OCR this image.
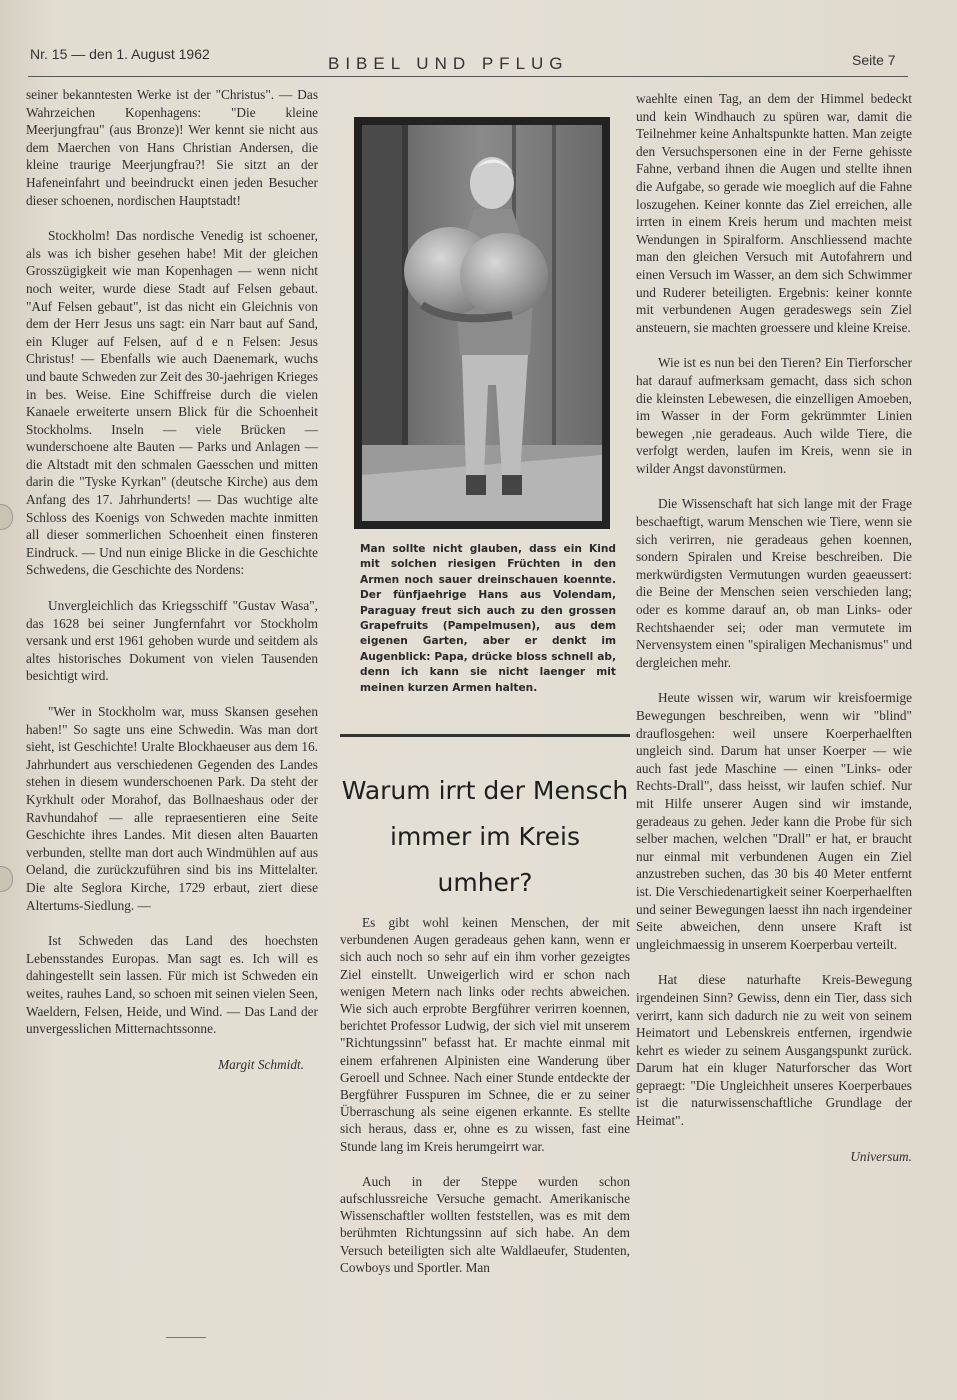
Nr. 15 — den 1. August 1962	BIBEL UND PFLUG	Seite 7

seiner bekanntesten Werke ist der "Christus". — Das Wahrzeichen Kopenhagens: "Die kleine Meerjungfrau" (aus Bronze)! Wer kennt sie nicht aus dem Maerchen von Hans Christian Andersen, die kleine traurige Meerjungfrau?! Sie sitzt an der Hafeneinfahrt und beeindruckt einen jeden Besucher dieser schoenen, nordischen Hauptstadt!

Stockholm! Das nordische Venedig ist schoener, als was ich bisher gesehen habe! Mit der gleichen Grosszügigkeit wie man Kopenhagen — wenn nicht noch weiter, wurde diese Stadt auf Felsen gebaut. "Auf Felsen gebaut", ist das nicht ein Gleichnis von dem der Herr Jesus uns sagt: ein Narr baut auf Sand, ein Kluger auf Felsen, auf d e n Felsen: Jesus Christus! — Ebenfalls wie auch Daenemark, wuchs und baute Schweden zur Zeit des 30-jaehrigen Krieges in bes. Weise. Eine Schiffreise durch die vielen Kanaele erweiterte unsern Blick für die Schoenheit Stockholms. Inseln — viele Brücken — wunderschoene alte Bauten — Parks und Anlagen — die Altstadt mit den schmalen Gaesschen und mitten darin die "Tyske Kyrkan" (deutsche Kirche) aus dem Anfang des 17. Jahrhunderts! — Das wuchtige alte Schloss des Koenigs von Schweden machte inmitten all dieser sommerlichen Schoenheit einen finsteren Eindruck. — Und nun einige Blicke in die Geschichte Schwedens, die Geschichte des Nordens:

Unvergleichlich das Kriegsschiff "Gustav Wasa", das 1628 bei seiner Jungfernfahrt vor Stockholm versank und erst 1961 gehoben wurde und seitdem als altes historisches Dokument von vielen Tausenden besichtigt wird.

"Wer in Stockholm war, muss Skansen gesehen haben!" So sagte uns eine Schwedin. Was man dort sieht, ist Geschichte! Uralte Blockhaeuser aus dem 16. Jahrhundert aus verschiedenen Gegenden des Landes stehen in diesem wunderschoenen Park. Da steht der Kyrkhult oder Morahof, das Bollnaeshaus oder der Ravhundahof — alle repraesentieren eine Seite Geschichte ihres Landes. Mit diesen alten Bauarten verbunden, stellte man dort auch Windmühlen auf aus Oeland, die zurückzuführen sind bis ins Mittelalter. Die alte Seglora Kirche, 1729 erbaut, ziert diese Altertums-Siedlung. —

Ist Schweden das Land des hoechsten Lebensstandes Europas. Man sagt es. Ich will es dahingestellt sein lassen. Für mich ist Schweden ein weites, rauhes Land, so schoen mit seinen vielen Seen, Waeldern, Felsen, Heide, und Wind. — Das Land der unvergesslichen Mitternachtssonne.

Margit Schmidt.
Man sollte nicht glauben, dass ein Kind mit solchen riesigen Früchten in den Armen noch sauer dreinschauen koennte. Der fünfjaehrige Hans aus Volendam, Paraguay freut sich auch zu den grossen Grapefruits (Pampelmusen), aus dem eigenen Garten, aber er denkt im Augenblick: Papa, drücke bloss schnell ab, denn ich kann sie nicht laenger mit meinen kurzen Armen halten.
Warum irrt der Mensch immer im Kreis umher?

Es gibt wohl keinen Menschen, der mit verbundenen Augen geradeaus gehen kann, wenn er sich auch noch so sehr auf ein ihm vorher gezeigtes Ziel einstellt. Unweigerlich wird er schon nach wenigen Metern nach links oder rechts abweichen. Wie sich auch erprobte Bergführer verirren koennen, berichtet Professor Ludwig, der sich viel mit unserem "Richtungssinn" befasst hat. Er machte einmal mit einem erfahrenen Alpinisten eine Wanderung über Geroell und Schnee. Nach einer Stunde entdeckte der Bergführer Fusspuren im Schnee, die er zu seiner Überraschung als seine eigenen erkannte. Es stellte sich heraus, dass er, ohne es zu wissen, fast eine Stunde lang im Kreis herumgeirrt war.

Auch in der Steppe wurden schon aufschlussreiche Versuche gemacht. Amerikanische Wissenschaftler wollten feststellen, was es mit dem berühmten Richtungssinn auf sich habe. An dem Versuch beteiligten sich alte Waldlaeufer, Studenten, Cowboys und Sportler. Man

waehlte einen Tag, an dem der Himmel bedeckt und kein Windhauch zu spüren war, damit die Teilnehmer keine Anhaltspunkte hatten. Man zeigte den Versuchspersonen eine in der Ferne gehisste Fahne, verband ihnen die Augen und stellte ihnen die Aufgabe, so gerade wie moeglich auf die Fahne loszugehen. Keiner konnte das Ziel erreichen, alle irrten in einem Kreis herum und machten meist Wendungen in Spiralform. Anschliessend machte man den gleichen Versuch mit Autofahrern und einen Versuch im Wasser, an dem sich Schwimmer und Ruderer beteiligten. Ergebnis: keiner konnte mit verbundenen Augen geradeswegs sein Ziel ansteuern, sie machten groessere und kleine Kreise.

Wie ist es nun bei den Tieren? Ein Tierforscher hat darauf aufmerksam gemacht, dass sich schon die kleinsten Lebewesen, die einzelligen Amoeben, im Wasser in der Form gekrümmter Linien bewegen ‚nie geradeaus. Auch wilde Tiere, die verfolgt werden, laufen im Kreis, wenn sie in wilder Angst davonstürmen.

Die Wissenschaft hat sich lange mit der Frage beschaeftigt, warum Menschen wie Tiere, wenn sie sich verirren, nie geradeaus gehen koennen, sondern Spiralen und Kreise beschreiben. Die merkwürdigsten Vermutungen wurden geaeussert: die Beine der Menschen seien verschieden lang; oder es komme darauf an, ob man Links- oder Rechtshaender sei; oder man vermutete im Nervensystem einen "spiraligen Mechanismus" und dergleichen mehr.

Heute wissen wir, warum wir kreisfoermige Bewegungen beschreiben, wenn wir "blind" drauflosgehen: weil unsere Koerperhaelften ungleich sind. Darum hat unser Koerper — wie auch fast jede Maschine — einen "Links- oder Rechts-Drall", dass heisst, wir laufen schief. Nur mit Hilfe unserer Augen sind wir imstande, geradeaus zu gehen. Jeder kann die Probe für sich selber machen, welchen "Drall" er hat, er braucht nur einmal mit verbundenen Augen ein Ziel anzustreben suchen, das 30 bis 40 Meter entfernt ist. Die Verschiedenartigkeit seiner Koerperhaelften und seiner Bewegungen laesst ihn nach irgendeiner Seite abweichen, denn unsere Kraft ist ungleichmaessig in unserem Koerperbau verteilt.

Hat diese naturhafte Kreis-Bewegung irgendeinen Sinn? Gewiss, denn ein Tier, dass sich verirrt, kann sich dadurch nie zu weit von seinem Heimatort und Lebenskreis entfernen, irgendwie kehrt es wieder zu seinem Ausgangspunkt zurück. Darum hat ein kluger Naturforscher das Wort gepraegt: "Die Ungleichheit unseres Koerperbaues ist die naturwissenschaftliche Grundlage der Heimat".

Universum.
